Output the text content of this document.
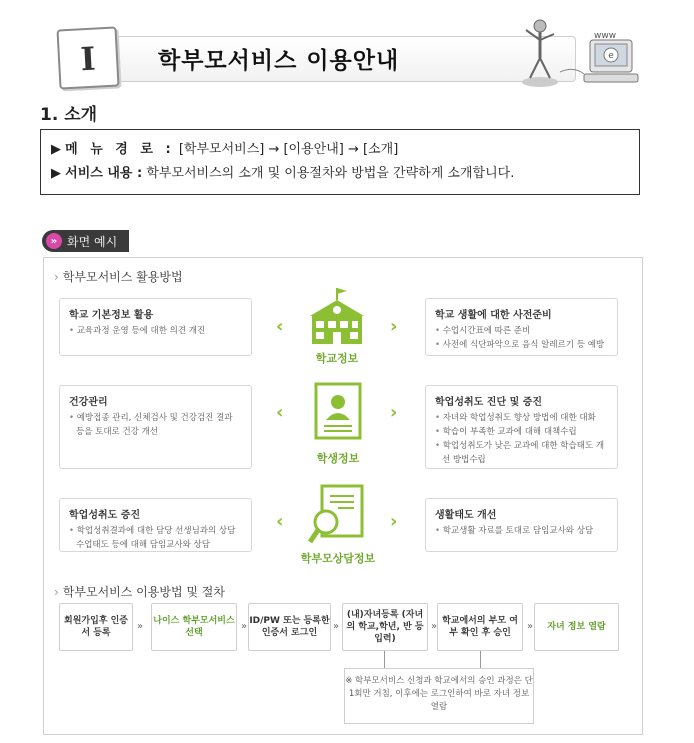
I	학부모서비스 이용안내	e
www
1. 소개
▶ 메 뉴 경 로 : [학부모서비스] → [이용안내] → [소개]
▶ 서비스 내용 : 학부모서비스의 소개 및 이용절차와 방법을 간략하게 소개합니다.
» 화면 예시
› 학부모서비스 활용방법
학교 기본정보 활용
• 교육과정 운영 등에 대한 의견 개진
건강관리
• 예방접종 관리, 신체검사 및 건강검진 결과 등을 토대로 건강 개선
학업성취도 증진
• 학업성취결과에 대한 담당 선생님과의 상담 수업태도 등에 대해 담임교사와 상담
학교 생활에 대한 사전준비
• 수업시간표에 따른 준비
• 사전에 식단파악으로 음식 알레르기 등 예방
학업성취도 진단 및 증진
• 자녀와 학업성취도 향상 방법에 대한 대화
• 학습이 부족한 교과에 대해 대책수립
• 학업성취도가 낮은 교과에 대한 학습태도 개선 방법수립
생활태도 개선
• 학교생활 자료를 토대로 담임교사와 상담
‹	›
‹	›
‹	›
학교정보
학생정보
학부모상담정보
› 학부모서비스 이용방법 및 절차
회원가입후 인증서 등록
» 나이스 학부모서비스 선택
» ID/PW 또는 등록한 인증서 로그인
»
(내)자녀등록 (자녀의 학교,학년, 반 등 입력)
» 학교에서의 부모 여부 확인 후 승인
»	자녀 정보 열람
※ 학부모서비스 신청과 학교에서의 승인 과정은 단 1회만 거침, 이후에는 로그인하여 바로 자녀 정보 열람
